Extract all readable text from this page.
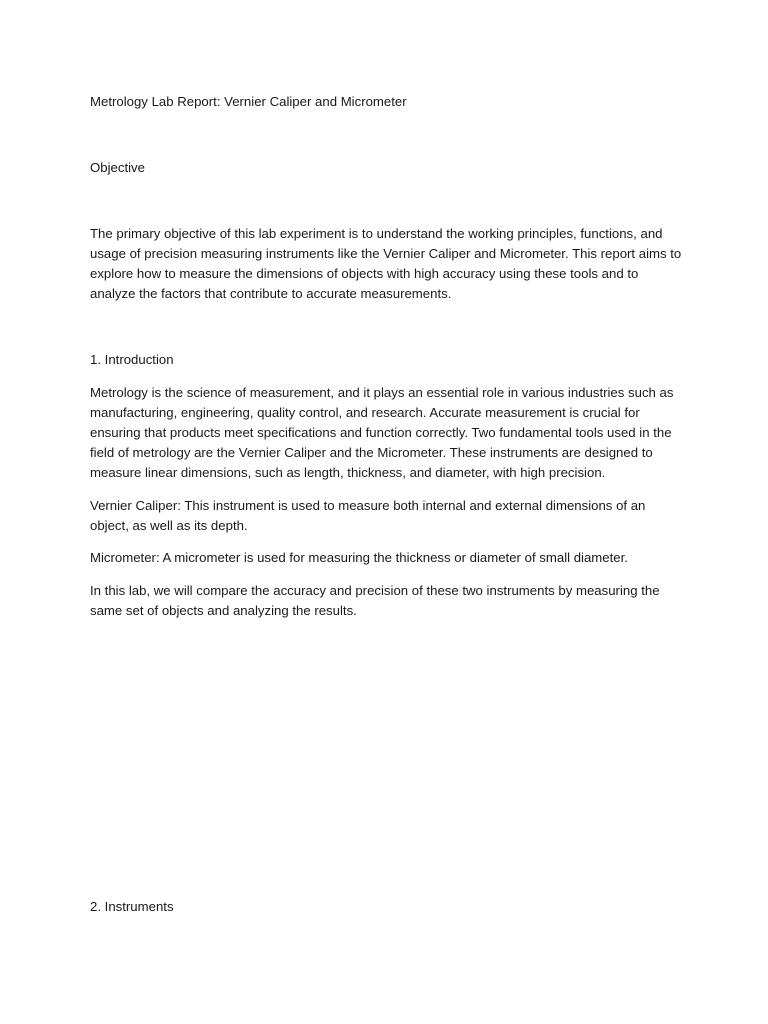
Metrology Lab Report: Vernier Caliper and Micrometer

Objective

The primary objective of this lab experiment is to understand the working principles, functions, and usage of precision measuring instruments like the Vernier Caliper and Micrometer. This report aims to explore how to measure the dimensions of objects with high accuracy using these tools and to analyze the factors that contribute to accurate measurements.

1. Introduction

Metrology is the science of measurement, and it plays an essential role in various industries such as manufacturing, engineering, quality control, and research. Accurate measurement is crucial for ensuring that products meet specifications and function correctly. Two fundamental tools used in the field of metrology are the Vernier Caliper and the Micrometer. These instruments are designed to measure linear dimensions, such as length, thickness, and diameter, with high precision.

Vernier Caliper: This instrument is used to measure both internal and external dimensions of an object, as well as its depth.

Micrometer: A micrometer is used for measuring the thickness or diameter of small diameter.

In this lab, we will compare the accuracy and precision of these two instruments by measuring the same set of objects and analyzing the results.

2. Instruments
